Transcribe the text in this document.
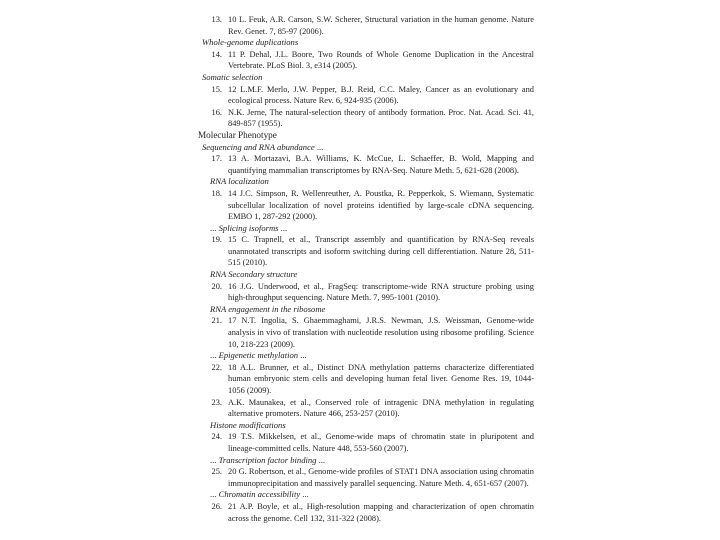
13. 10 L. Feuk, A.R. Carson, S.W. Scherer, Structural variation in the human genome. Nature Rev. Genet. 7, 85-97 (2006).

Whole-genome duplications

14. 11 P. Dehal, J.L. Boore, Two Rounds of Whole Genome Duplication in the Ancestral Vertebrate. PLoS Biol. 3, e314 (2005).

Somatic selection

15. 12 L.M.F. Merlo, J.W. Pepper, B.J. Reid, C.C. Maley, Cancer as an evolutionary and ecological process. Nature Rev. 6, 924-935 (2006).

16. N.K. Jerne, The natural-selection theory of antibody formation. Proc. Nat. Acad. Sci. 41, 849-857 (1955).

Molecular Phenotype

Sequencing and RNA abundance ...

17. 13 A. Mortazavi, B.A. Williams, K. McCue, L. Schaeffer, B. Wold, Mapping and quantifying mammalian transcriptomes by RNA-Seq. Nature Meth. 5, 621-628 (2008).

RNA localization

18. 14 J.C. Simpson, R. Wellenreuther, A. Poustka, R. Pepperkok, S. Wiemann, Systematic subcellular localization of novel proteins identified by large-scale cDNA sequencing. EMBO 1, 287-292 (2000).

... Splicing isoforms ...

19. 15 C. Trapnell, et al., Transcript assembly and quantification by RNA-Seq reveals unannotated transcripts and isoform switching during cell differentiation. Nature 28, 511-515 (2010).

RNA Secondary structure

20. 16 J.G. Underwood, et al., FragSeq: transcriptome-wide RNA structure probing using high-throughput sequencing. Nature Meth. 7, 995-1001 (2010).

RNA engagement in the ribosome

21. 17 N.T. Ingolia, S. Ghaemmaghami, J.R.S. Newman, J.S. Weissman, Genome-wide analysis in vivo of translation with nucleotide resolution using ribosome profiling. Science 10, 218-223 (2009).

... Epigenetic methylation ...

22. 18 A.L. Brunner, et al., Distinct DNA methylation patterns characterize differentiated human embryonic stem cells and developing human fetal liver. Genome Res. 19, 1044-1056 (2009).

23. A.K. Maunakea, et al., Conserved role of intragenic DNA methylation in regulating alternative promoters. Nature 466, 253-257 (2010).

Histone modifications

24. 19 T.S. Mikkelsen, et al., Genome-wide maps of chromatin state in pluripotent and lineage-committed cells. Nature 448, 553-560 (2007).

... Transcription factor binding ...

25. 20 G. Robertson, et al., Genome-wide profiles of STAT1 DNA association using chromatin immunoprecipitation and massively parallel sequencing. Nature Meth. 4, 651-657 (2007).

... Chromatin accessibility ...

26. 21 A.P. Boyle, et al., High-resolution mapping and characterization of open chromatin across the genome. Cell 132, 311-322 (2008).
